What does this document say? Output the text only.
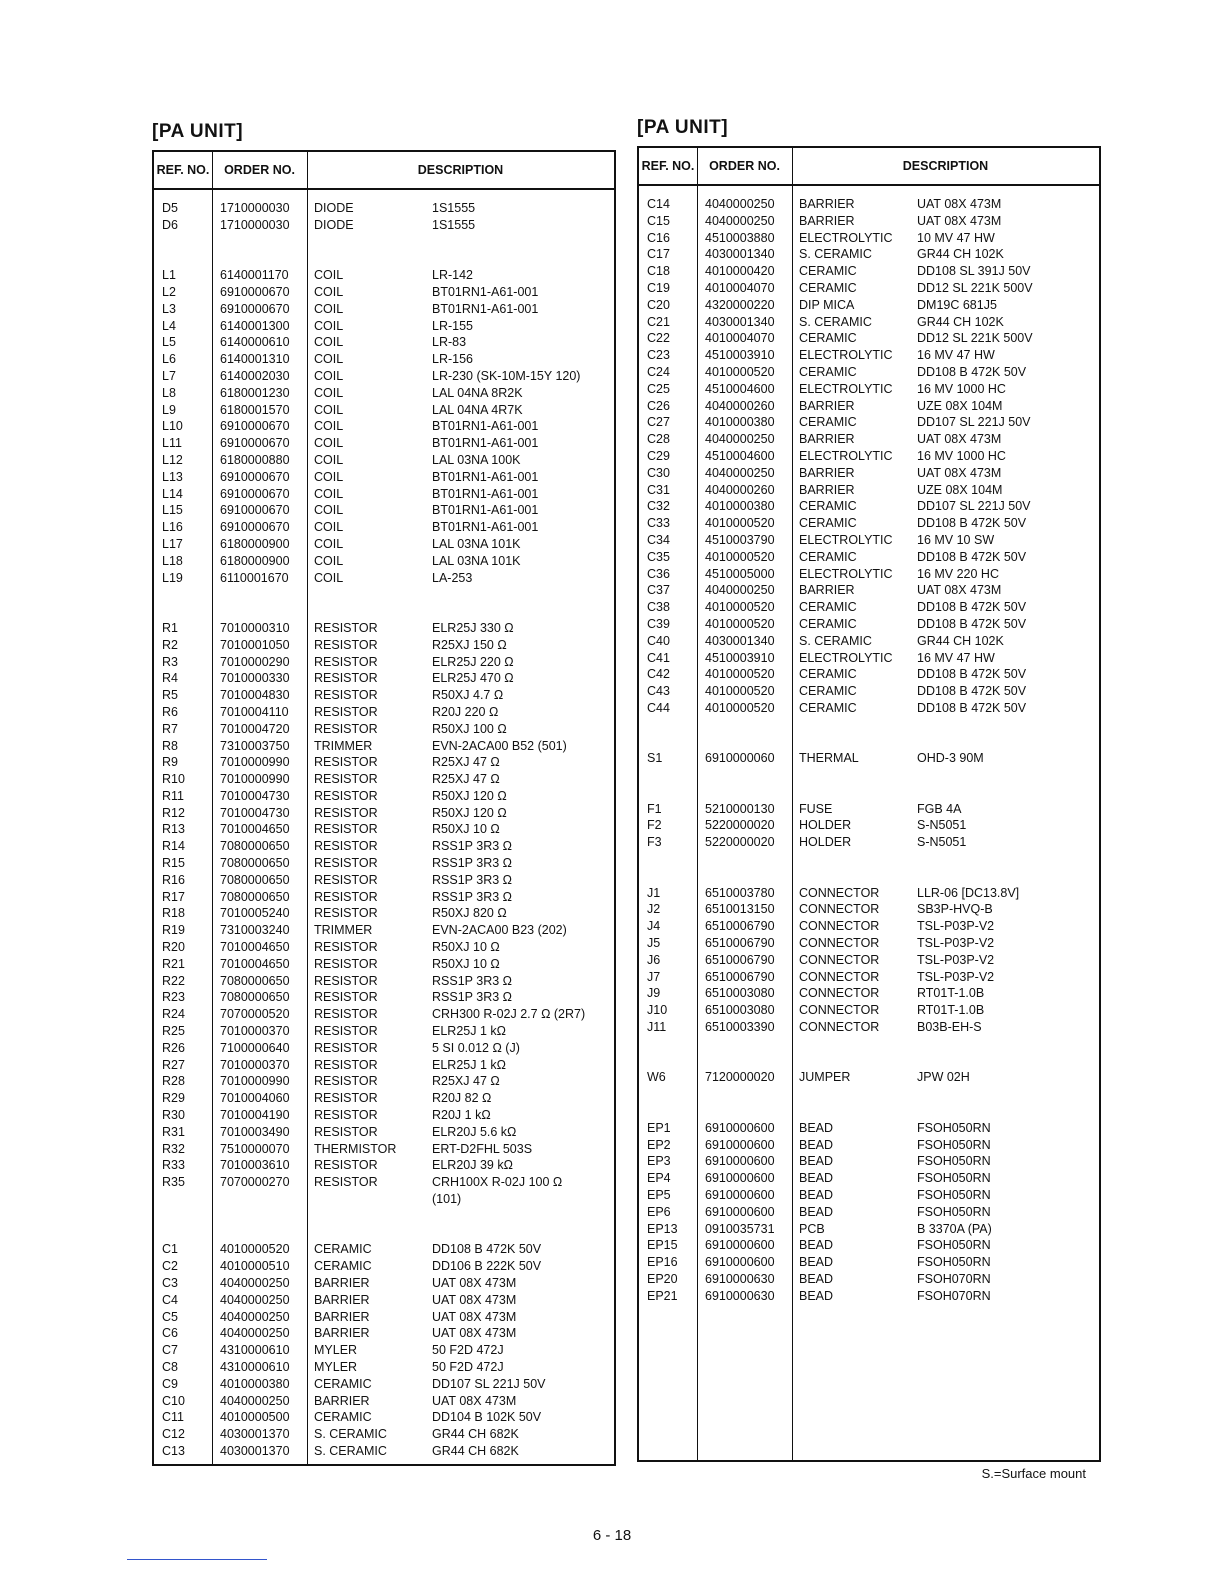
[PA UNIT]
REF. NO.	ORDER NO.	DESCRIPTION
D5	1710000030 DIODE	1S1555
D6	1710000030 DIODE	1S1555
L1	6140001170 COIL	LR-142
L2	6910000670 COIL	BT01RN1-A61-001
L3	6910000670 COIL	BT01RN1-A61-001
L4	6140001300 COIL	LR-155
L5	6140000610 COIL	LR-83
L6	6140001310 COIL	LR-156
L7	6140002030 COIL	LR-230 (SK-10M-15Y 120)
L8	6180001230 COIL	LAL 04NA 8R2K
L9	6180001570 COIL	LAL 04NA 4R7K
L10	6910000670 COIL	BT01RN1-A61-001
L11	6910000670 COIL	BT01RN1-A61-001
L12	6180000880 COIL	LAL 03NA 100K
L13	6910000670 COIL	BT01RN1-A61-001
L14	6910000670 COIL	BT01RN1-A61-001
L15	6910000670 COIL	BT01RN1-A61-001
L16	6910000670 COIL	BT01RN1-A61-001
L17	6180000900 COIL	LAL 03NA 101K
L18	6180000900 COIL	LAL 03NA 101K
L19	6110001670 COIL	LA-253
R1	7010000310 RESISTOR	ELR25J 330 Ω
R2	7010001050 RESISTOR	R25XJ 150 Ω
R3	7010000290 RESISTOR	ELR25J 220 Ω
R4	7010000330 RESISTOR	ELR25J 470 Ω
R5	7010004830 RESISTOR	R50XJ 4.7 Ω
R6	7010004110 RESISTOR	R20J 220 Ω
R7	7010004720 RESISTOR	R50XJ 100 Ω
R8	7310003750 TRIMMER	EVN-2ACA00 B52 (501)
R9	7010000990 RESISTOR	R25XJ 47 Ω
R10	7010000990 RESISTOR	R25XJ 47 Ω
R11	7010004730 RESISTOR	R50XJ 120 Ω
R12	7010004730 RESISTOR	R50XJ 120 Ω
R13	7010004650 RESISTOR	R50XJ 10 Ω
R14	7080000650 RESISTOR	RSS1P 3R3 Ω
R15	7080000650 RESISTOR	RSS1P 3R3 Ω
R16	7080000650 RESISTOR	RSS1P 3R3 Ω
R17	7080000650 RESISTOR	RSS1P 3R3 Ω
R18	7010005240 RESISTOR	R50XJ 820 Ω
R19	7310003240 TRIMMER	EVN-2ACA00 B23 (202)
R20	7010004650 RESISTOR	R50XJ 10 Ω
R21	7010004650 RESISTOR	R50XJ 10 Ω
R22	7080000650 RESISTOR	RSS1P 3R3 Ω
R23	7080000650 RESISTOR	RSS1P 3R3 Ω
R24	7070000520 RESISTOR	CRH300 R-02J 2.7 Ω (2R7)
R25	7010000370 RESISTOR	ELR25J 1 kΩ
R26	7100000640 RESISTOR	5 SI 0.012 Ω (J)
R27	7010000370 RESISTOR	ELR25J 1 kΩ
R28	7010000990 RESISTOR	R25XJ 47 Ω
R29	7010004060 RESISTOR	R20J 82 Ω
R30	7010004190 RESISTOR	R20J 1 kΩ
R31	7010003490 RESISTOR	ELR20J 5.6 kΩ
R32	7510000070 THERMISTOR	ERT-D2FHL 503S
R33	7010003610 RESISTOR	ELR20J 39 kΩ
R35	7070000270 RESISTOR	CRH100X R-02J 100 Ω
(101)
C1	4010000520 CERAMIC	DD108 B 472K 50V
C2	4010000510 CERAMIC	DD106 B 222K 50V
C3	4040000250 BARRIER	UAT 08X 473M
C4	4040000250 BARRIER	UAT 08X 473M
C5	4040000250 BARRIER	UAT 08X 473M
C6	4040000250 BARRIER	UAT 08X 473M
C7	4310000610 MYLER	50 F2D 472J
C8	4310000610 MYLER	50 F2D 472J
C9	4010000380 CERAMIC	DD107 SL 221J 50V
C10	4040000250 BARRIER	UAT 08X 473M
C11	4010000500 CERAMIC	DD104 B 102K 50V
C12	4030001370 S. CERAMIC	GR44 CH 682K
C13	4030001370 S. CERAMIC	GR44 CH 682K
[PA UNIT]
REF. NO.	ORDER NO.	DESCRIPTION
C14	4040000250 BARRIER	UAT 08X 473M
C15	4040000250 BARRIER	UAT 08X 473M
C16	4510003880 ELECTROLYTIC 10 MV 47 HW
C17	4030001340 S. CERAMIC	GR44 CH 102K
C18	4010000420 CERAMIC	DD108 SL 391J 50V
C19	4010004070 CERAMIC	DD12 SL 221K 500V
C20	4320000220 DIP MICA	DM19C 681J5
C21	4030001340 S. CERAMIC	GR44 CH 102K
C22	4010004070 CERAMIC	DD12 SL 221K 500V
C23	4510003910 ELECTROLYTIC 16 MV 47 HW
C24	4010000520 CERAMIC	DD108 B 472K 50V
C25	4510004600 ELECTROLYTIC 16 MV 1000 HC
C26	4040000260 BARRIER	UZE 08X 104M
C27	4010000380 CERAMIC	DD107 SL 221J 50V
C28	4040000250 BARRIER	UAT 08X 473M
C29	4510004600 ELECTROLYTIC 16 MV 1000 HC
C30	4040000250 BARRIER	UAT 08X 473M
C31	4040000260 BARRIER	UZE 08X 104M
C32	4010000380 CERAMIC	DD107 SL 221J 50V
C33	4010000520 CERAMIC	DD108 B 472K 50V
C34	4510003790 ELECTROLYTIC 16 MV 10 SW
C35	4010000520 CERAMIC	DD108 B 472K 50V
C36	4510005000 ELECTROLYTIC 16 MV 220 HC
C37	4040000250 BARRIER	UAT 08X 473M
C38	4010000520 CERAMIC	DD108 B 472K 50V
C39	4010000520 CERAMIC	DD108 B 472K 50V
C40	4030001340 S. CERAMIC	GR44 CH 102K
C41	4510003910 ELECTROLYTIC 16 MV 47 HW
C42	4010000520 CERAMIC	DD108 B 472K 50V
C43	4010000520 CERAMIC	DD108 B 472K 50V
C44	4010000520 CERAMIC	DD108 B 472K 50V
S1	6910000060 THERMAL	OHD-3 90M
F1	5210000130 FUSE	FGB 4A
F2	5220000020 HOLDER	S-N5051
F3	5220000020 HOLDER	S-N5051
J1	6510003780 CONNECTOR	LLR-06 [DC13.8V]
J2	6510013150 CONNECTOR	SB3P-HVQ-B
J4	6510006790 CONNECTOR	TSL-P03P-V2
J5	6510006790 CONNECTOR	TSL-P03P-V2
J6	6510006790 CONNECTOR	TSL-P03P-V2
J7	6510006790 CONNECTOR	TSL-P03P-V2
J9	6510003080 CONNECTOR	RT01T-1.0B
J10	6510003080 CONNECTOR	RT01T-1.0B
J11	6510003390 CONNECTOR	B03B-EH-S
W6	7120000020 JUMPER	JPW 02H
EP1	6910000600 BEAD	FSOH050RN
EP2	6910000600 BEAD	FSOH050RN
EP3	6910000600 BEAD	FSOH050RN
EP4	6910000600 BEAD	FSOH050RN
EP5	6910000600 BEAD	FSOH050RN
EP6	6910000600 BEAD	FSOH050RN
EP13 0910035731 PCB	B 3370A (PA)
EP15 6910000600 BEAD	FSOH050RN
EP16 6910000600 BEAD	FSOH050RN
EP20 6910000630 BEAD	FSOH070RN
EP21 6910000630 BEAD	FSOH070RN
S.=Surface mount
6 - 18
